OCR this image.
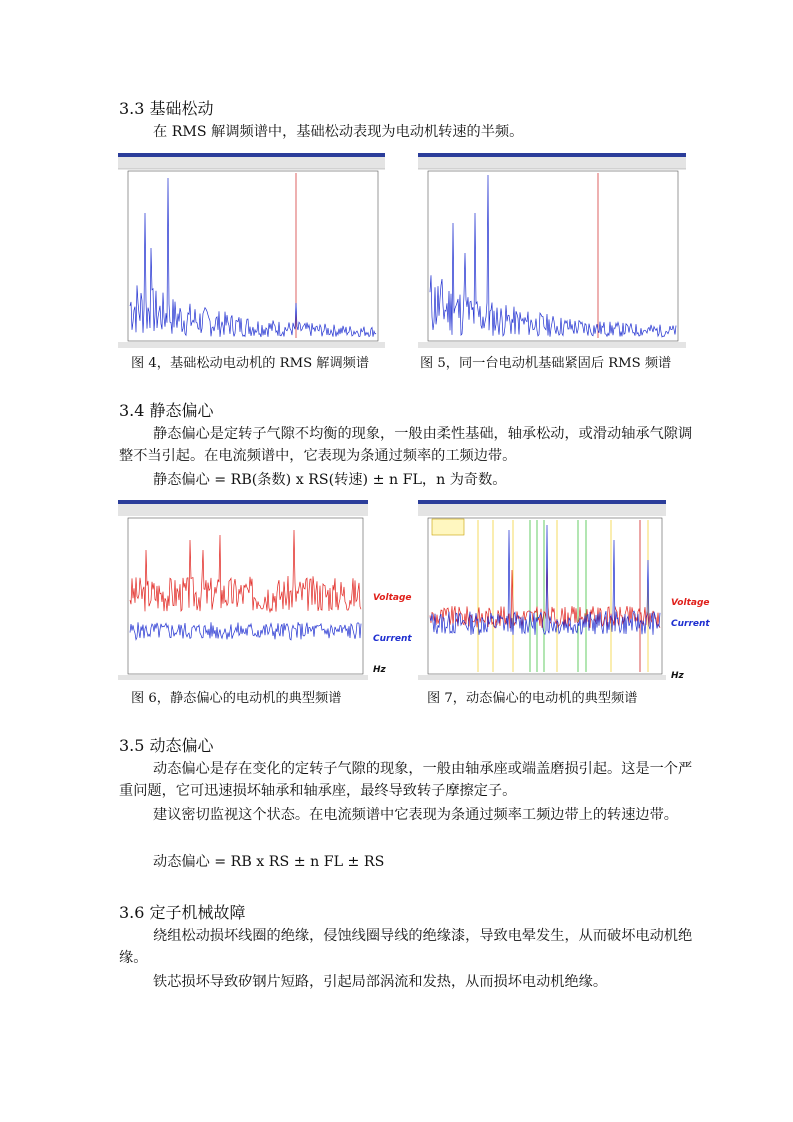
3.3 基础松动

在 RMS 解调频谱中，基础松动表现为电动机转速的半频。

图 4，基础松动电动机的 RMS 解调频谱	图 5，同一台电动机基础紧固后 RMS 频谱
3.4 静态偏心

静态偏心是定转子气隙不均衡的现象，一般由柔性基础，轴承松动，或滑动轴承气隙调整不当引起。在电流频谱中，它表现为条通过频率的工频边带。

静态偏心 = RB(条数) x RS(转速) ± n FL，n 为奇数。

Voltage
Current
Hz
Voltage
Current
Hz
图 6，静态偏心的电动机的典型频谱	图 7，动态偏心的电动机的典型频谱
3.5 动态偏心

动态偏心是存在变化的定转子气隙的现象，一般由轴承座或端盖磨损引起。这是一个严重问题，它可迅速损坏轴承和轴承座，最终导致转子摩擦定子。

建议密切监视这个状态。在电流频谱中它表现为条通过频率工频边带上的转速边带。

动态偏心 = RB x RS ± n FL ± RS

3.6 定子机械故障

绕组松动损坏线圈的绝缘，侵蚀线圈导线的绝缘漆，导致电晕发生，从而破坏电动机绝缘。

铁芯损坏导致矽钢片短路，引起局部涡流和发热，从而损坏电动机绝缘。
